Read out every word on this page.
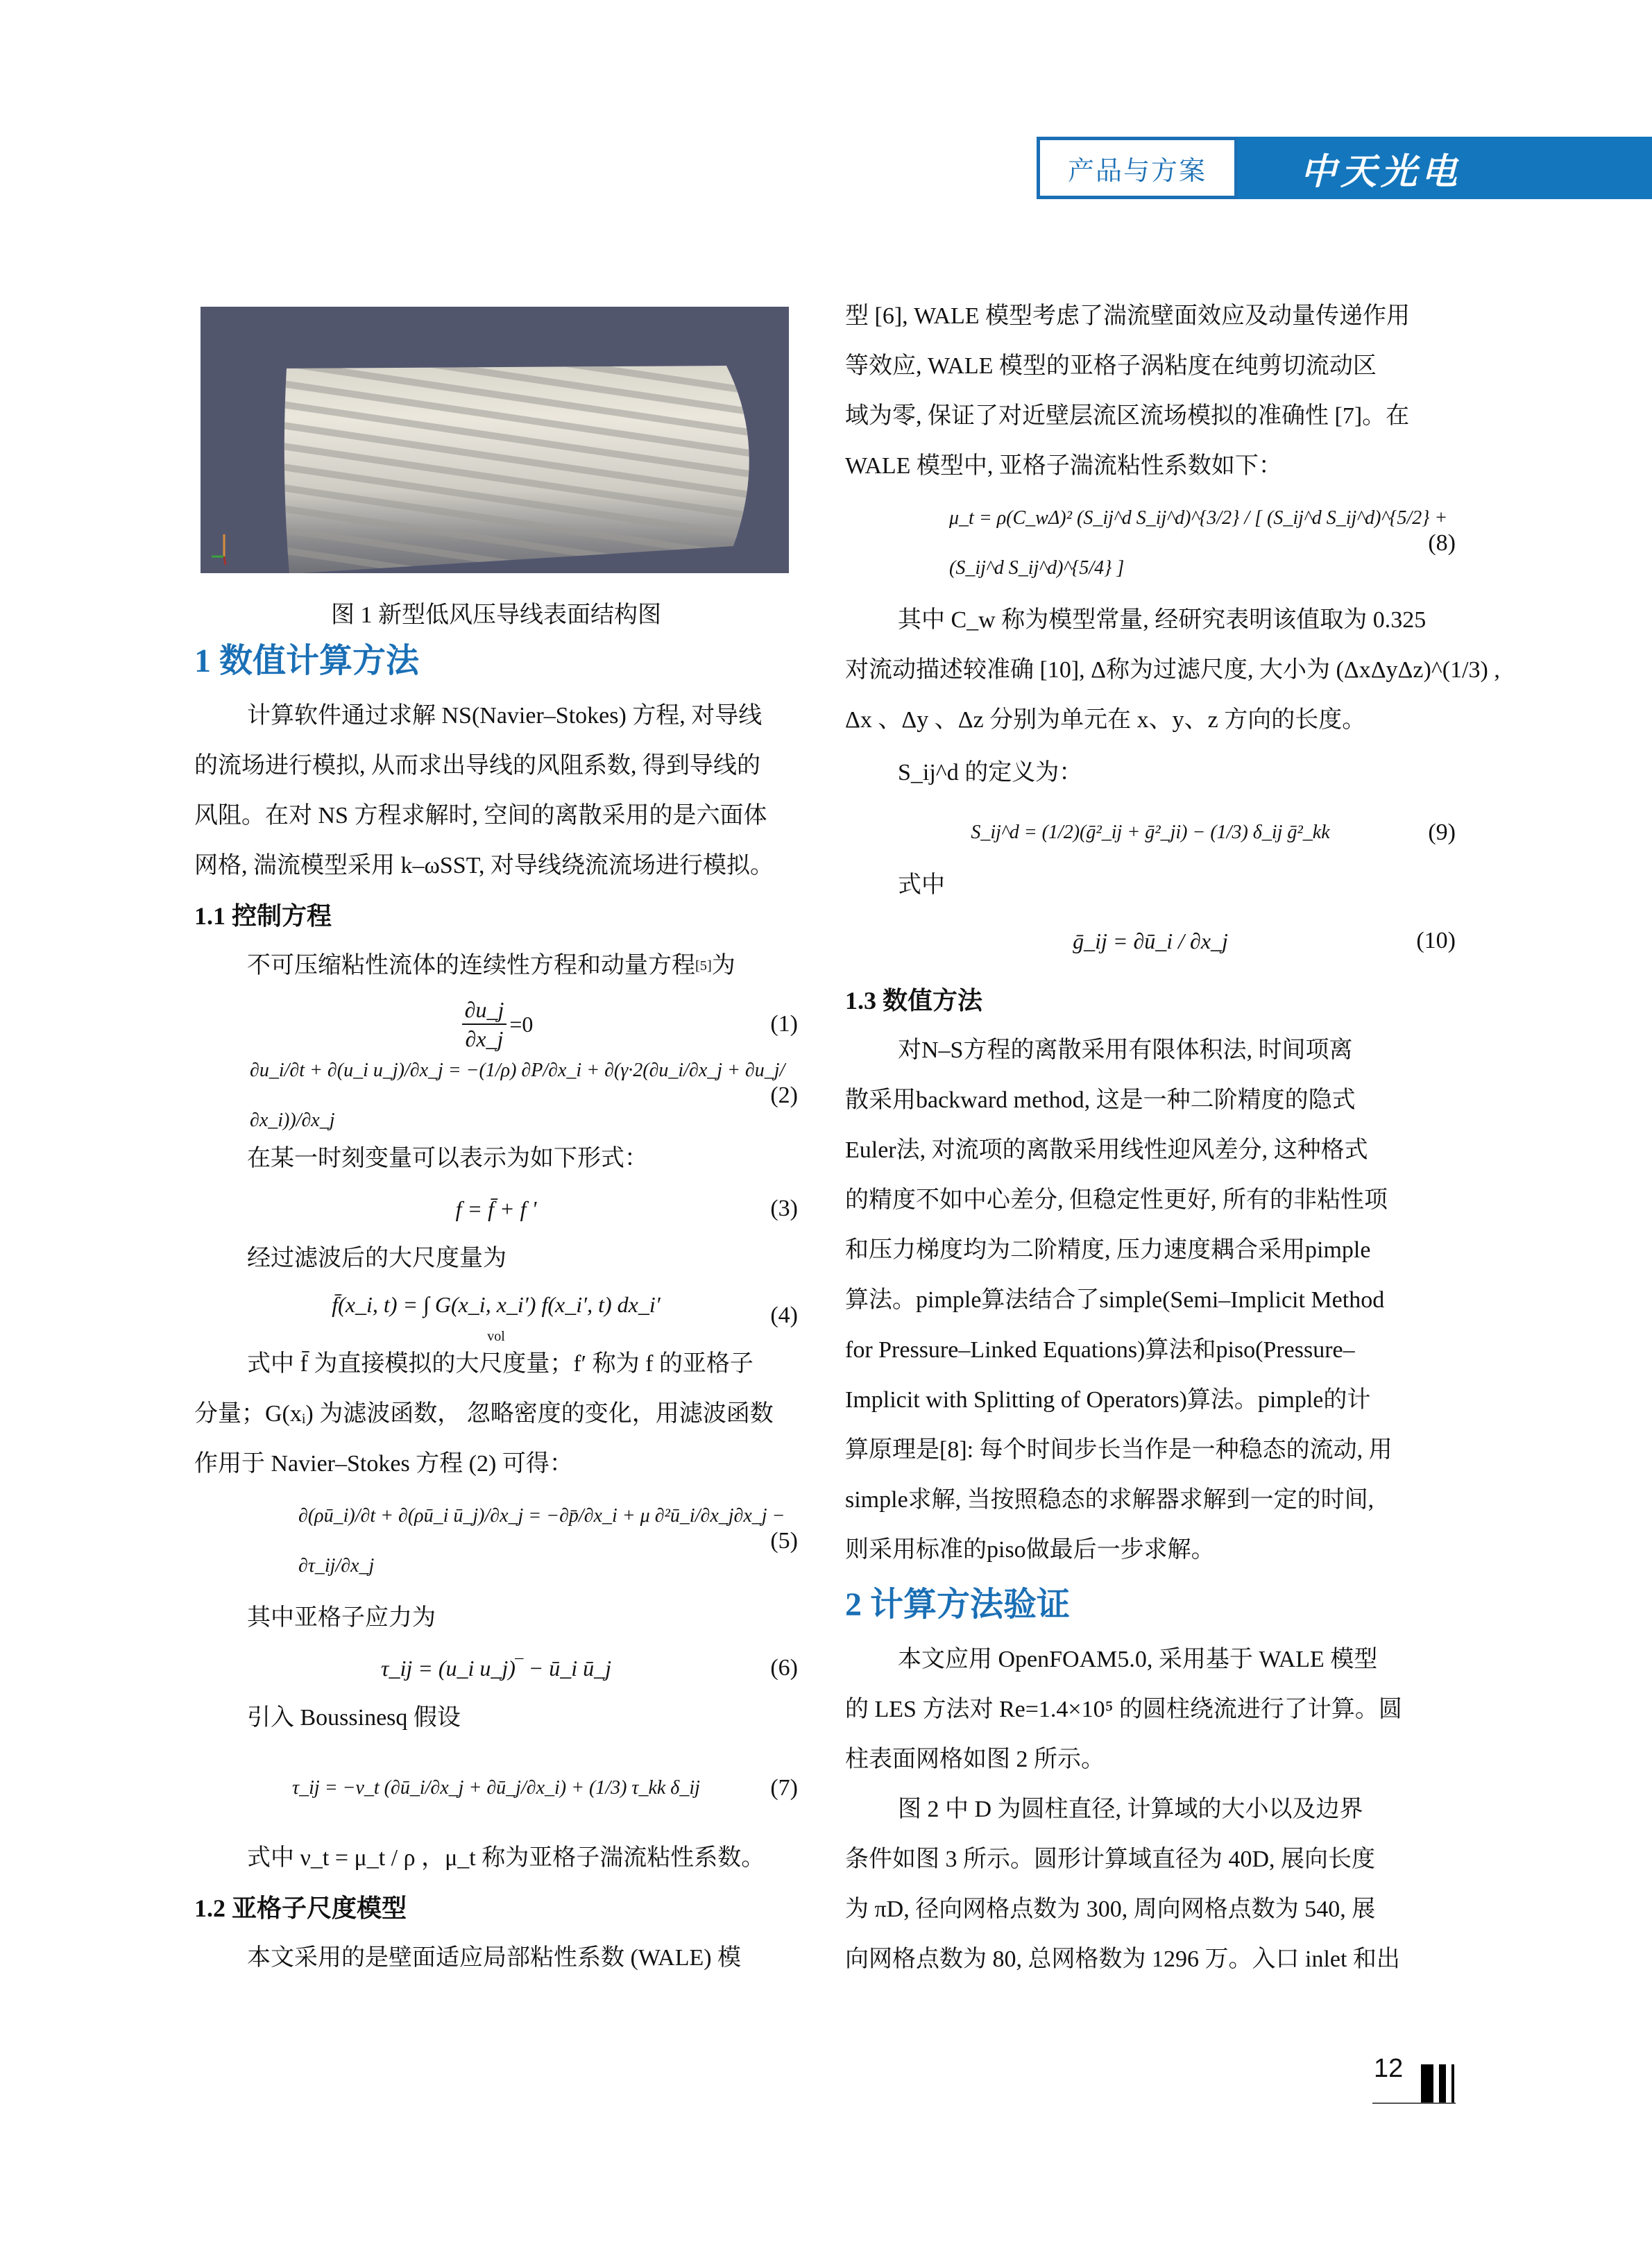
产品与方案	中天光电
图 1 新型低风压导线表面结构图
1 数值计算方法
计算软件通过求解 NS(Navier–Stokes) 方程, 对导线
的流场进行模拟, 从而求出导线的风阻系数, 得到导线的
风阻。在对 NS 方程求解时, 空间的离散采用的是六面体
网格, 湍流模型采用 k–ωSST, 对导线绕流流场进行模拟。
1.1 控制方程
不可压缩粘性流体的连续性方程和动量方程 [5] 为
$\frac{\partial u\_j}{\partial x\_j} =0$	(1)
∂u_i/∂t + ∂(u_i u_j)/∂x_j = −(1/ρ) ∂P/∂x_i + ∂(γ·2(∂u_i/∂x_j + ∂u_j/∂x_i))/∂x_j
(2)
在某一时刻变量可以表示为如下形式：
f = f̄ + f '	(3)
经过滤波后的大尺度量为
f̄(x_i, t) = ∫ G(x_i, x_i′) f(x_i′, t) dx_i′
vol
(4)
式中 f̄ 为直接模拟的大尺度量；f′ 称为 f 的亚格子
分量；G(xᵢ) 为滤波函数， 忽略密度的变化，用滤波函数
作用于 Navier–Stokes 方程 (2) 可得：
∂(ρū_i)/∂t + ∂(ρū_i ū_j)/∂x_j = −∂p̄/∂x_i + μ ∂²ū_i/∂x_j∂x_j − ∂τ_ij/∂x_j
(5)
其中亚格子应力为
τ_ij = (u_i u_j)‾ − ū_i ū_j	(6)
引入 Boussinesq 假设
τ_ij = −ν_t (∂ū_i/∂x_j + ∂ū_j/∂x_i) + (1/3) τ_kk δ_ij	(7)
式中 ν_t = μ_t / ρ ，μ_t 称为亚格子湍流粘性系数。
1.2 亚格子尺度模型
本文采用的是壁面适应局部粘性系数 (WALE) 模
型 [6], WALE 模型考虑了湍流壁面效应及动量传递作用
等效应, WALE 模型的亚格子涡粘度在纯剪切流动区
域为零, 保证了对近壁层流区流场模拟的准确性 [7]。在
WALE 模型中, 亚格子湍流粘性系数如下：
μ_t = ρ(C_wΔ)² (S_ij^d S_ij^d)^{3/2} / [ (S_ij^d S_ij^d)^{5/2} + (S_ij^d S_ij^d)^{5/4} ]
(8)
其中 C_w 称为模型常量, 经研究表明该值取为 0.325
对流动描述较准确 [10], Δ称为过滤尺度, 大小为 (ΔxΔyΔz)^(1/3) ,
Δx 、Δy 、Δz 分别为单元在 x、y、z 方向的长度。
S_ij^d 的定义为：
S_ij^d = (1/2)(ḡ²_ij + ḡ²_ji) − (1/3) δ_ij ḡ²_kk	(9)
式中
ḡ_ij = ∂ū_i / ∂x_j	(10)
1.3 数值方法
对N–S方程的离散采用有限体积法, 时间项离
散采用backward method, 这是一种二阶精度的隐式
Euler法, 对流项的离散采用线性迎风差分, 这种格式
的精度不如中心差分, 但稳定性更好, 所有的非粘性项
和压力梯度均为二阶精度, 压力速度耦合采用pimple
算法。pimple算法结合了simple(Semi–Implicit Method
for Pressure–Linked Equations)算法和piso(Pressure–
Implicit with Splitting of Operators)算法。pimple的计
算原理是[8]: 每个时间步长当作是一种稳态的流动, 用
simple求解, 当按照稳态的求解器求解到一定的时间,
则采用标准的piso做最后一步求解。
2 计算方法验证
本文应用 OpenFOAM5.0, 采用基于 WALE 模型
的 LES 方法对 Re=1.4×10⁵ 的圆柱绕流进行了计算。圆
柱表面网格如图 2 所示。
图 2 中 D 为圆柱直径, 计算域的大小以及边界
条件如图 3 所示。圆形计算域直径为 40D, 展向长度
为 πD, 径向网格点数为 300, 周向网格点数为 540, 展
向网格点数为 80, 总网格数为 1296 万。入口 inlet 和出
12
